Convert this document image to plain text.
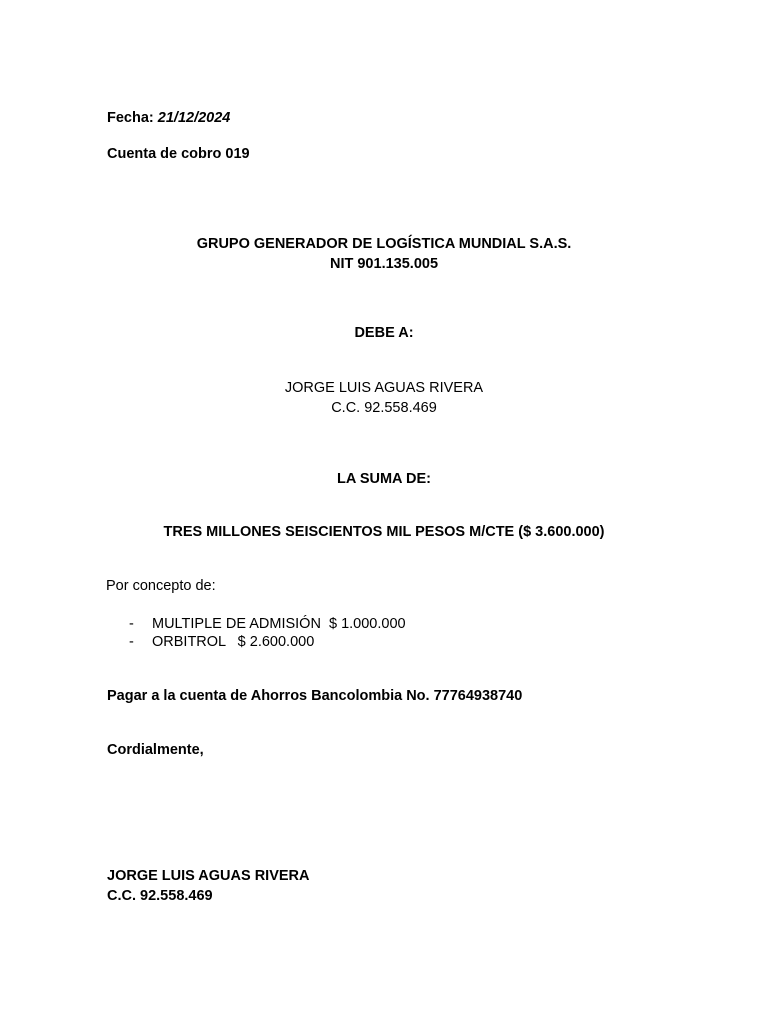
Fecha: 21/12/2024
Cuenta de cobro 019
GRUPO GENERADOR DE LOGÍSTICA MUNDIAL S.A.S.
NIT 901.135.005
DEBE A:
JORGE LUIS AGUAS RIVERA
C.C. 92.558.469
LA SUMA DE:
TRES MILLONES SEISCIENTOS MIL PESOS M/CTE ($ 3.600.000)
Por concepto de:
- MULTIPLE DE ADMISIÓN  $ 1.000.000
- ORBITROL   $ 2.600.000
Pagar a la cuenta de Ahorros Bancolombia No. 77764938740
Cordialmente,
JORGE LUIS AGUAS RIVERA
C.C. 92.558.469
